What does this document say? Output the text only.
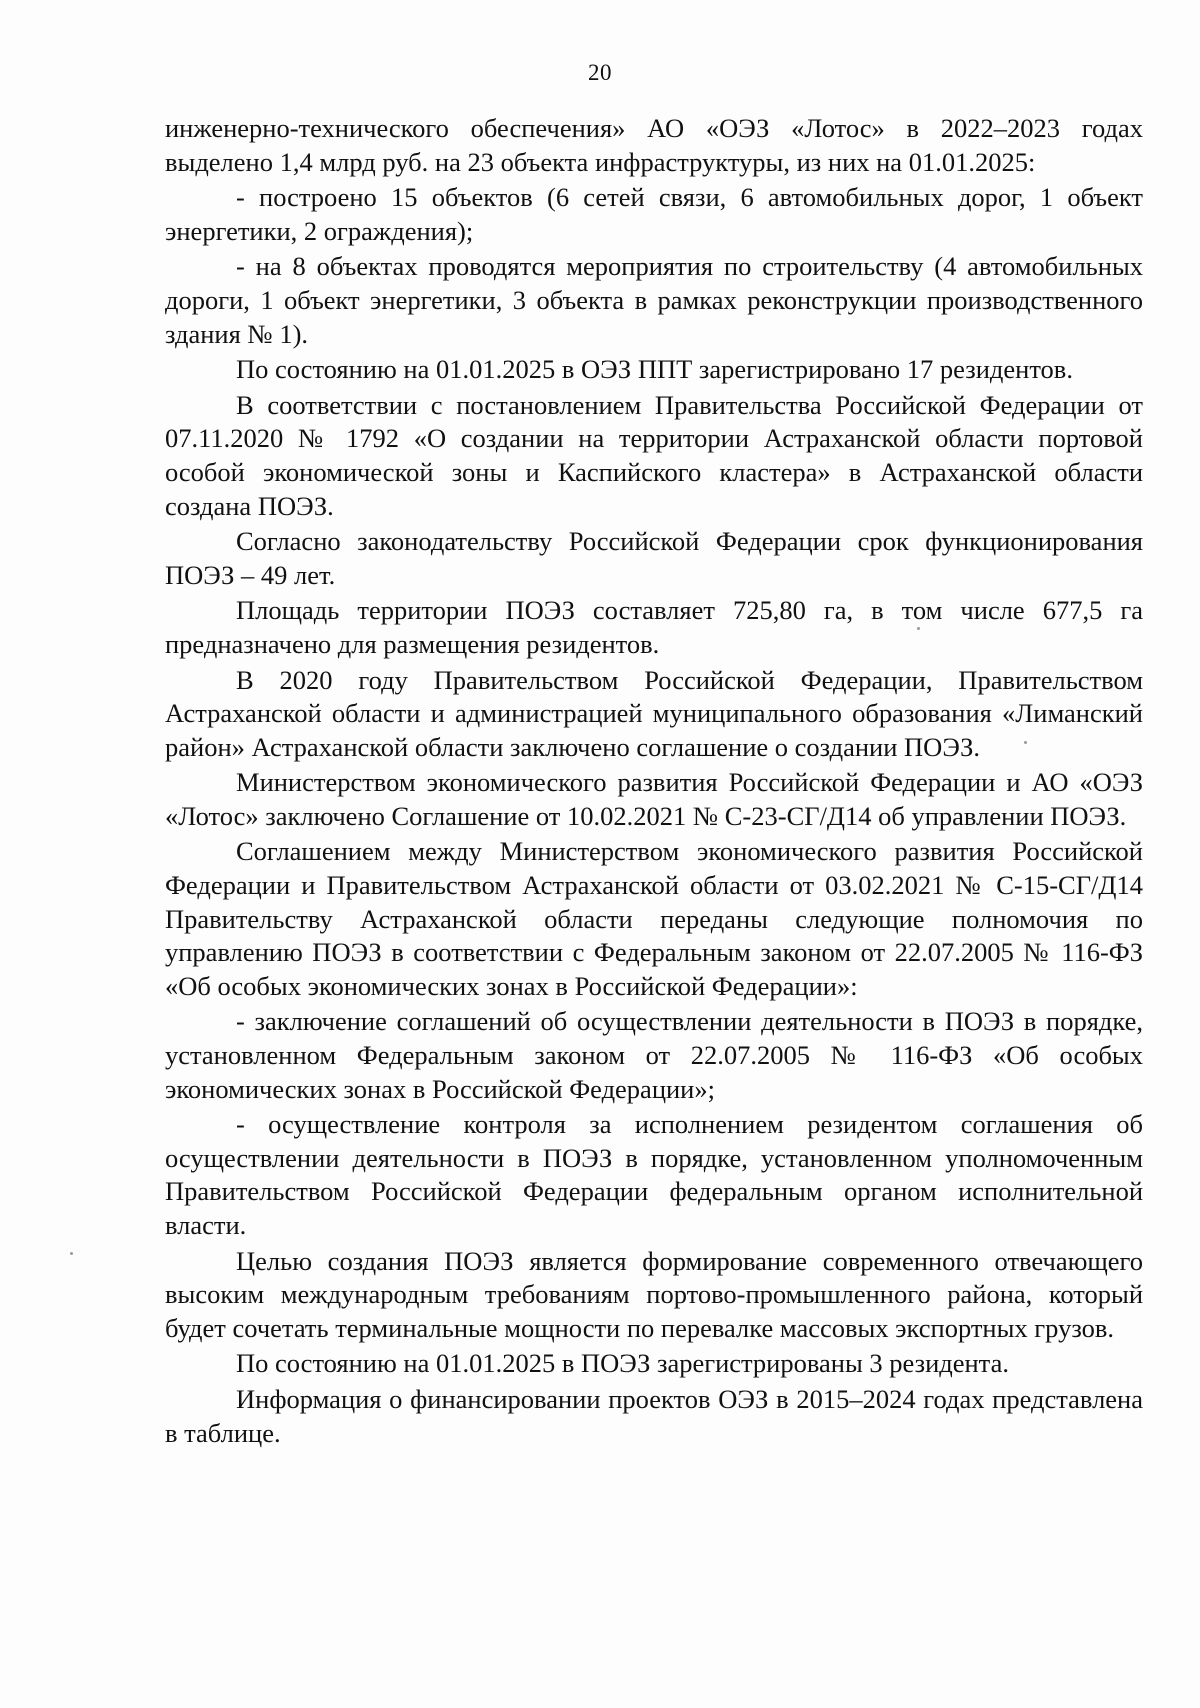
20

инженерно-технического обеспечения» АО «ОЭЗ «Лотос» в 2022–2023 годах выделено 1,4 млрд руб. на 23 объекта инфраструктуры, из них на 01.01.2025:

- построено 15 объектов (6 сетей связи, 6 автомобильных дорог, 1 объект энергетики, 2 ограждения);

- на 8 объектах проводятся мероприятия по строительству (4 автомобильных дороги, 1 объект энергетики, 3 объекта в рамках реконструкции производственного здания № 1).

По состоянию на 01.01.2025 в ОЭЗ ППТ зарегистрировано 17 резидентов.

В соответствии с постановлением Правительства Российской Федерации от 07.11.2020 № 1792 «О создании на территории Астраханской области портовой особой экономической зоны и Каспийского кластера» в Астраханской области создана ПОЭЗ.

Согласно законодательству Российской Федерации срок функционирования ПОЭЗ – 49 лет.

Площадь территории ПОЭЗ составляет 725,80 га, в том числе 677,5 га предназначено для размещения резидентов.

В 2020 году Правительством Российской Федерации, Правительством Астраханской области и администрацией муниципального образования «Лиманский район» Астраханской области заключено соглашение о создании ПОЭЗ.

Министерством экономического развития Российской Федерации и АО «ОЭЗ «Лотос» заключено Соглашение от 10.02.2021 № С-23-СГ/Д14 об управлении ПОЭЗ.

Соглашением между Министерством экономического развития Российской Федерации и Правительством Астраханской области от 03.02.2021 № С-15-СГ/Д14 Правительству Астраханской области переданы следующие полномочия по управлению ПОЭЗ в соответствии с Федеральным законом от 22.07.2005 № 116-ФЗ «Об особых экономических зонах в Российской Федерации»:

- заключение соглашений об осуществлении деятельности в ПОЭЗ в порядке, установленном Федеральным законом от 22.07.2005 № 116-ФЗ «Об особых экономических зонах в Российской Федерации»;

- осуществление контроля за исполнением резидентом соглашения об осуществлении деятельности в ПОЭЗ в порядке, установленном уполномоченным Правительством Российской Федерации федеральным органом исполнительной власти.

Целью создания ПОЭЗ является формирование современного отвечающего высоким международным требованиям портово-промышленного района, который будет сочетать терминальные мощности по перевалке массовых экспортных грузов.

По состоянию на 01.01.2025 в ПОЭЗ зарегистрированы 3 резидента.

Информация о финансировании проектов ОЭЗ в 2015–2024 годах представлена в таблице.
